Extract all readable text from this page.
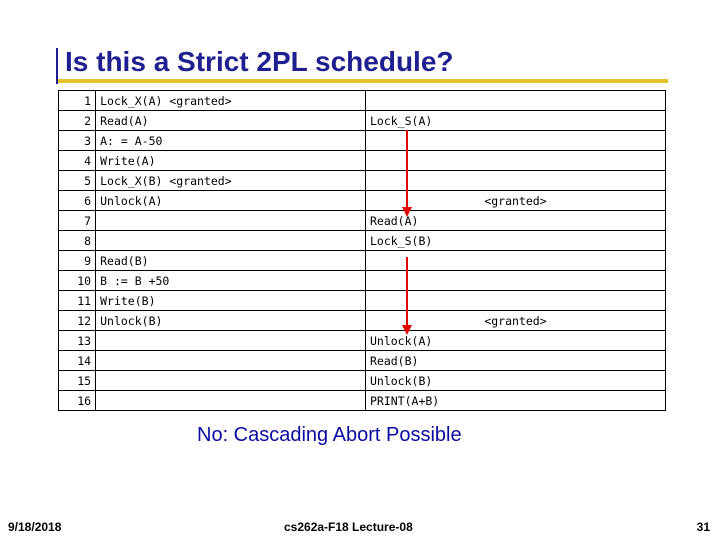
Is this a Strict 2PL schedule?
1	Lock_X(A) <granted>	
2	Read(A)	Lock_S(A)
3	A: = A-50	
4	Write(A)	
5	Lock_X(B) <granted>	
6	Unlock(A)	<granted>
7		Read(A)
8		Lock_S(B)
9	Read(B)	
10	B := B +50	
11	Write(B)	
12	Unlock(B)	<granted>
13		Unlock(A)
14		Read(B)
15		Unlock(B)
16		PRINT(A+B)
No: Cascading Abort Possible
9/18/2018	cs262a-F18 Lecture-08	31
